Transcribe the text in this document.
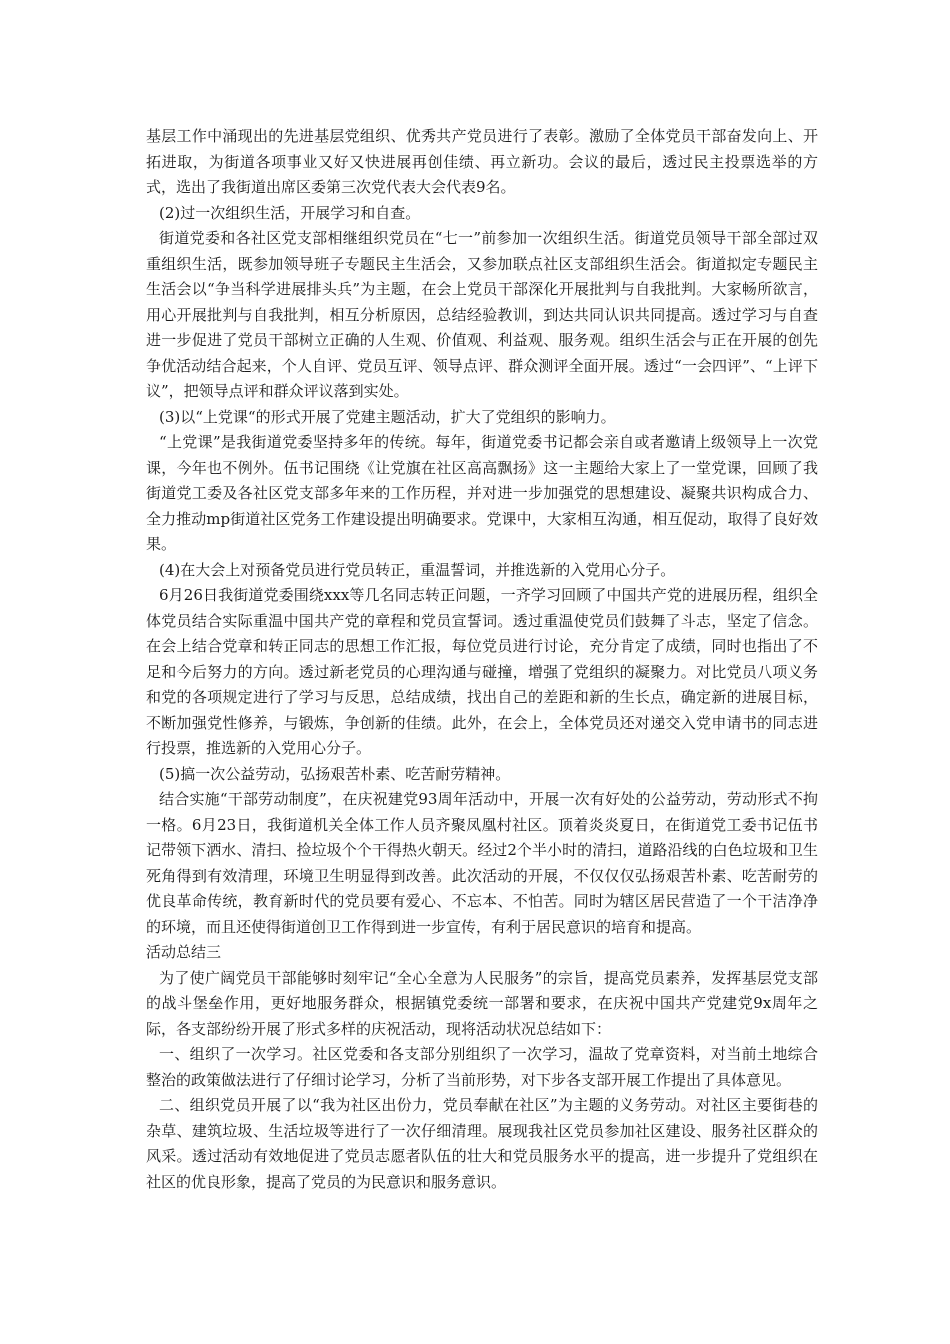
基层工作中涌现出的先进基层党组织、优秀共产党员进行了表彰。激励了全体党员干部奋发向上、开拓进取，为街道各项事业又好又快进展再创佳绩、再立新功。会议的最后，透过民主投票选举的方式，选出了我街道出席区委第三次党代表大会代表9名。

(2)过一次组织生活，开展学习和自查。

街道党委和各社区党支部相继组织党员在“七一”前参加一次组织生活。街道党员领导干部全部过双重组织生活，既参加领导班子专题民主生活会，又参加联点社区支部组织生活会。街道拟定专题民主生活会以“争当科学进展排头兵”为主题，在会上党员干部深化开展批判与自我批判。大家畅所欲言，用心开展批判与自我批判，相互分析原因，总结经验教训，到达共同认识共同提高。透过学习与自查进一步促进了党员干部树立正确的人生观、价值观、利益观、服务观。组织生活会与正在开展的创先争优活动结合起来，个人自评、党员互评、领导点评、群众测评全面开展。透过“一会四评”、“上评下议”，把领导点评和群众评议落到实处。

(3)以“上党课“的形式开展了党建主题活动，扩大了党组织的影响力。

“上党课”是我街道党委坚持多年的传统。每年，街道党委书记都会亲自或者邀请上级领导上一次党课，今年也不例外。伍书记围绕《让党旗在社区高高飘扬》这一主题给大家上了一堂党课，回顾了我街道党工委及各社区党支部多年来的工作历程，并对进一步加强党的思想建设、凝聚共识构成合力、全力推动mp街道社区党务工作建设提出明确要求。党课中，大家相互沟通，相互促动，取得了良好效果。

(4)在大会上对预备党员进行党员转正，重温誓词，并推选新的入党用心分子。

6月26日我街道党委围绕xxx等几名同志转正问题，一齐学习回顾了中国共产党的进展历程，组织全体党员结合实际重温中国共产党的章程和党员宣誓词。透过重温使党员们鼓舞了斗志，坚定了信念。在会上结合党章和转正同志的思想工作汇报，每位党员进行讨论，充分肯定了成绩，同时也指出了不足和今后努力的方向。透过新老党员的心理沟通与碰撞，增强了党组织的凝聚力。对比党员八项义务和党的各项规定进行了学习与反思，总结成绩，找出自己的差距和新的生长点，确定新的进展目标，不断加强党性修养，与锻炼，争创新的佳绩。此外，在会上，全体党员还对递交入党申请书的同志进行投票，推选新的入党用心分子。

(5)搞一次公益劳动，弘扬艰苦朴素、吃苦耐劳精神。

结合实施“干部劳动制度”，在庆祝建党93周年活动中，开展一次有好处的公益劳动，劳动形式不拘一格。6月23日，我街道机关全体工作人员齐聚凤凰村社区。顶着炎炎夏日，在街道党工委书记伍书记带领下洒水、清扫、捡垃圾个个干得热火朝天。经过2个半小时的清扫，道路沿线的白色垃圾和卫生死角得到有效清理，环境卫生明显得到改善。此次活动的开展，不仅仅仅弘扬艰苦朴素、吃苦耐劳的优良革命传统，教育新时代的党员要有爱心、不忘本、不怕苦。同时为辖区居民营造了一个干洁净净的环境，而且还使得街道创卫工作得到进一步宣传，有利于居民意识的培育和提高。

活动总结三

为了使广阔党员干部能够时刻牢记“全心全意为人民服务”的宗旨，提高党员素养，发挥基层党支部的战斗堡垒作用，更好地服务群众，根据镇党委统一部署和要求，在庆祝中国共产党建党9x周年之际，各支部纷纷开展了形式多样的庆祝活动，现将活动状况总结如下：

一、组织了一次学习。社区党委和各支部分别组织了一次学习，温故了党章资料，对当前土地综合整治的政策做法进行了仔细讨论学习，分析了当前形势，对下步各支部开展工作提出了具体意见。

二、组织党员开展了以“我为社区出份力，党员奉献在社区”为主题的义务劳动。对社区主要街巷的杂草、建筑垃圾、生活垃圾等进行了一次仔细清理。展现我社区党员参加社区建设、服务社区群众的风采。透过活动有效地促进了党员志愿者队伍的壮大和党员服务水平的提高，进一步提升了党组织在社区的优良形象，提高了党员的为民意识和服务意识。
